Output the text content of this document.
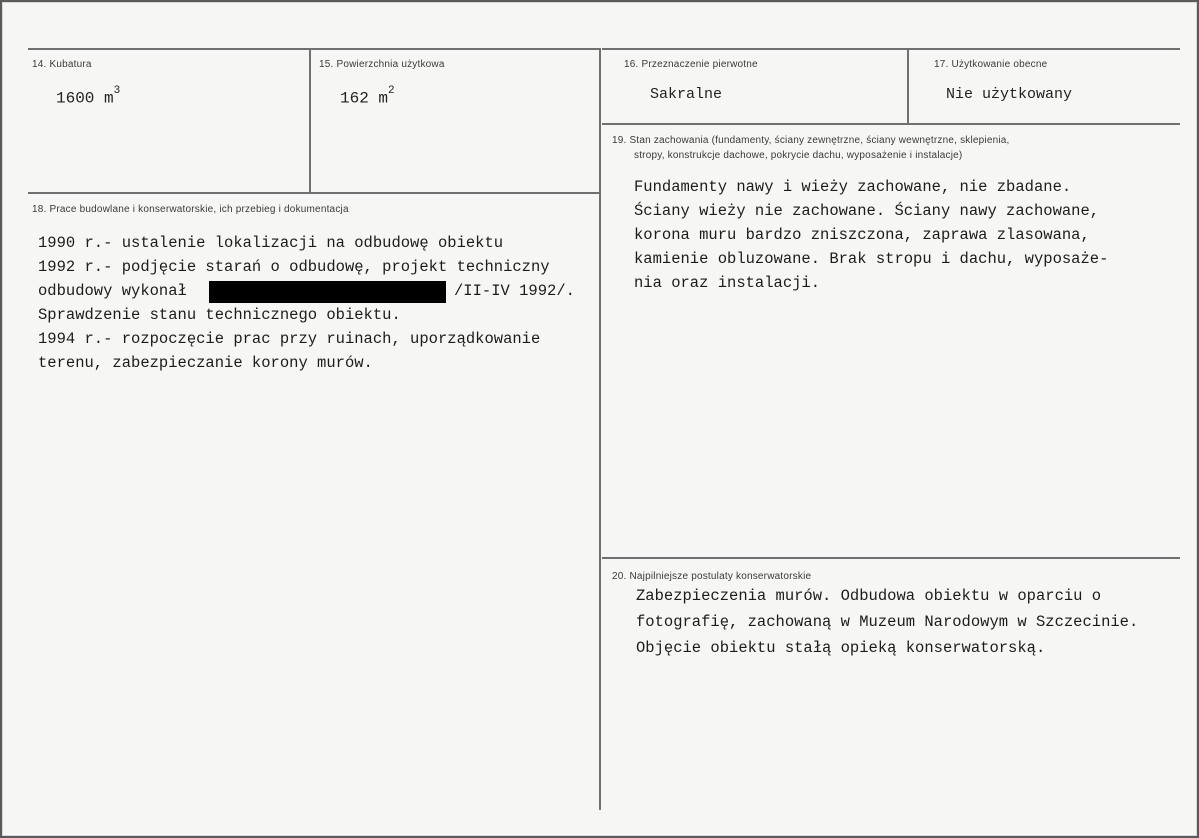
14. Kubatura
1600 $m^3$
15. Powierzchnia użytkowa
162 $m^2$
16. Przeznaczenie pierwotne
Sakralne
17. Użytkowanie obecne
Nie użytkowany
18. Prace budowlane i konserwatorskie, ich przebieg i dokumentacja
1990 r.- ustalenie lokalizacji na odbudowę obiektu
1992 r.- podjęcie starań o odbudowę, projekt techniczny
odbudowy wykonał	/II-IV 1992/.
Sprawdzenie stanu technicznego obiektu.
1994 r.- rozpoczęcie prac przy ruinach, uporządkowanie
terenu, zabezpieczanie korony murów.
19. Stan zachowania (fundamenty, ściany zewnętrzne, ściany wewnętrzne, sklepienia,
stropy, konstrukcje dachowe, pokrycie dachu, wyposażenie i instalacje)
Fundamenty nawy i wieży zachowane, nie zbadane.
Ściany wieży nie zachowane. Ściany nawy zachowane,
korona muru bardzo zniszczona, zaprawa zlasowana,
kamienie obluzowane. Brak stropu i dachu, wyposaże-
nia oraz instalacji.
20. Najpilniejsze postulaty konserwatorskie
Zabezpieczenia murów. Odbudowa obiektu w oparciu o
fotografię, zachowaną w Muzeum Narodowym w Szczecinie.
Objęcie obiektu stałą opieką konserwatorską.
